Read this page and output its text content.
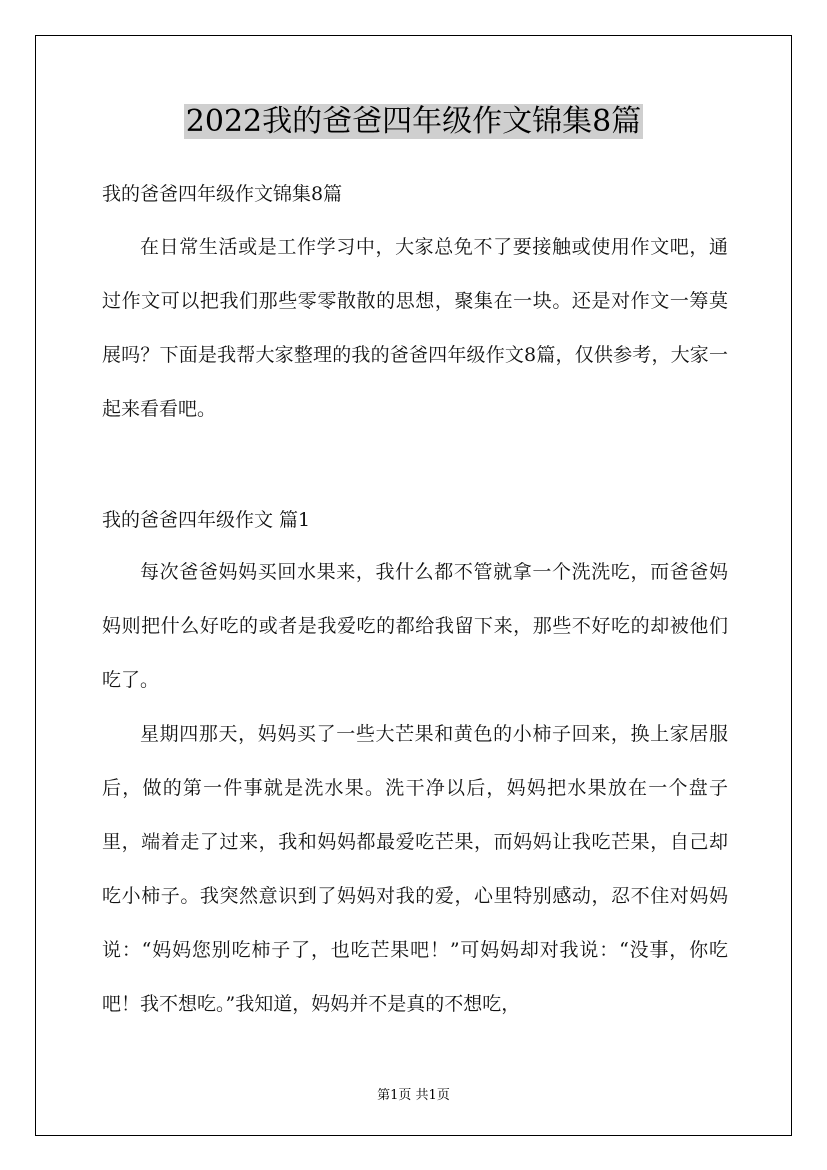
2022我的爸爸四年级作文锦集8篇

我的爸爸四年级作文锦集8篇

在日常生活或是工作学习中，大家总免不了要接触或使用作文吧，通过作文可以把我们那些零零散散的思想，聚集在一块。还是对作文一筹莫展吗？下面是我帮大家整理的我的爸爸四年级作文8篇，仅供参考，大家一起来看看吧。

我的爸爸四年级作文 篇1

每次爸爸妈妈买回水果来，我什么都不管就拿一个洗洗吃，而爸爸妈妈则把什么好吃的或者是我爱吃的都给我留下来，那些不好吃的却被他们吃了。

星期四那天，妈妈买了一些大芒果和黄色的小柿子回来，换上家居服后，做的第一件事就是洗水果。洗干净以后，妈妈把水果放在一个盘子里，端着走了过来，我和妈妈都最爱吃芒果，而妈妈让我吃芒果，自己却吃小柿子。我突然意识到了妈妈对我的爱，心里特别感动，忍不住对妈妈说：“妈妈您别吃柿子了，也吃芒果吧！”可妈妈却对我说：“没事，你吃吧！我不想吃。”我知道，妈妈并不是真的不想吃，

第1页 共1页
